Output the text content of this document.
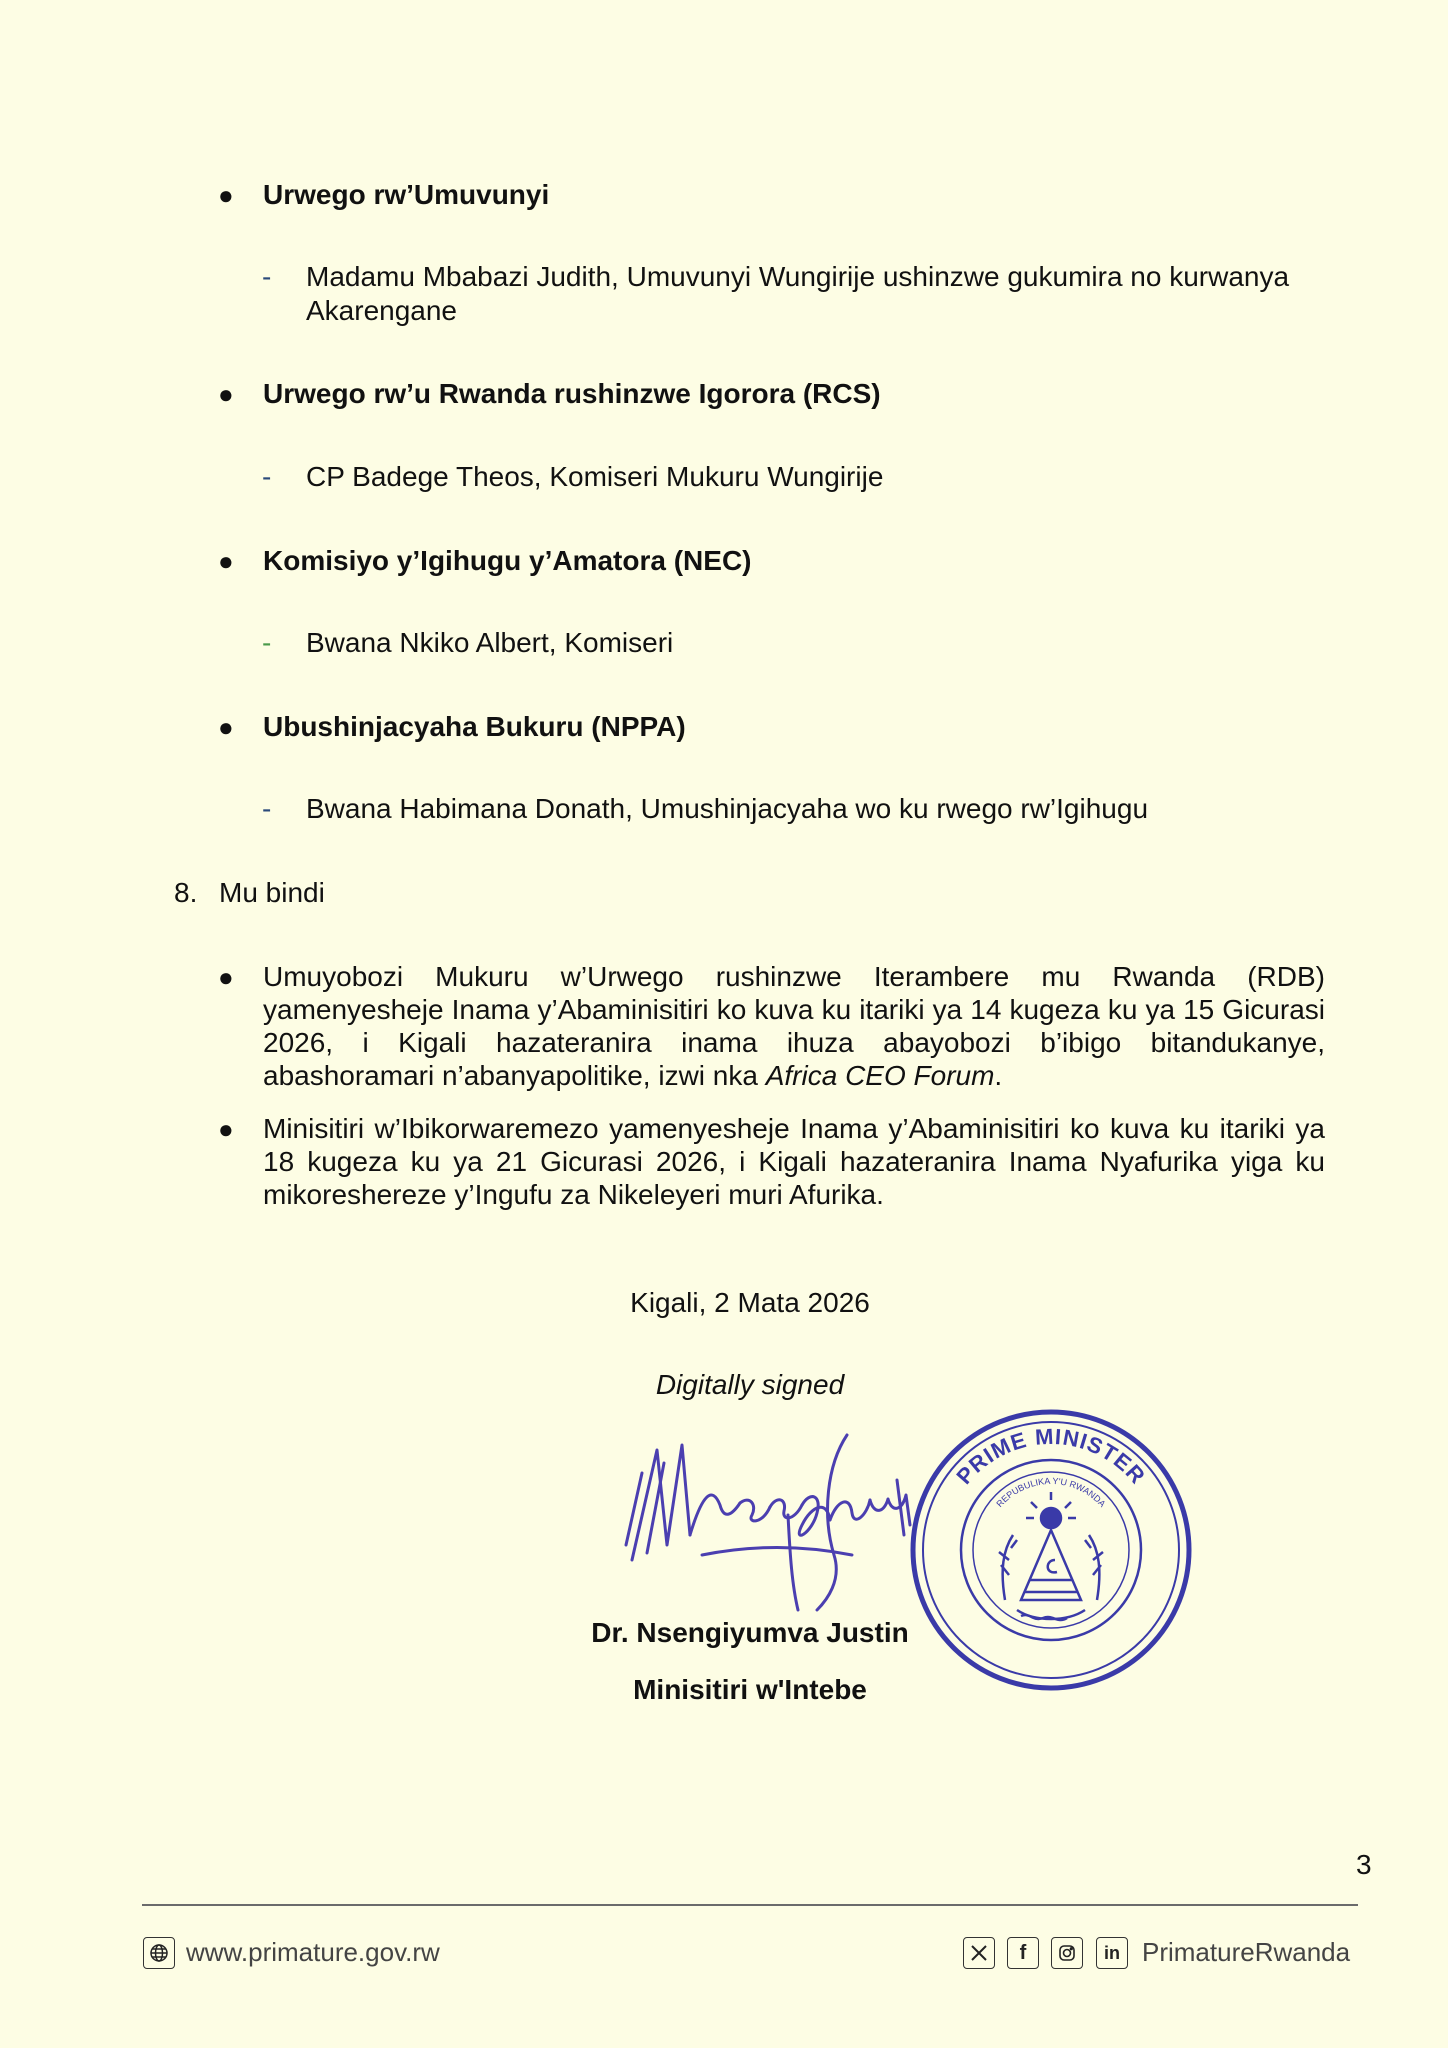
● Urwego rw’Umuvunyi
- Madamu Mbabazi Judith, Umuvunyi Wungirije ushinzwe gukumira no kurwanya Akarengane
● Urwego rw’u Rwanda rushinzwe Igorora (RCS)
- CP Badege Theos, Komiseri Mukuru Wungirije
● Komisiyo y’Igihugu y’Amatora (NEC)
- Bwana Nkiko Albert, Komiseri
● Ubushinjacyaha Bukuru (NPPA)
- Bwana Habimana Donath, Umushinjacyaha wo ku rwego rw’Igihugu
8. Mu bindi
● Umuyobozi Mukuru w’Urwego rushinzwe Iterambere mu Rwanda (RDB) yamenyesheje Inama y’Abaminisitiri ko kuva ku itariki ya 14 kugeza ku ya 15 Gicurasi 2026, i Kigali hazateranira inama ihuza abayobozi b’ibigo bitandukanye, abashoramari n’abanyapolitike, izwi nka Africa CEO Forum.
● Minisitiri w’Ibikorwaremezo yamenyesheje Inama y’Abaminisitiri ko kuva ku itariki ya 18 kugeza ku ya 21 Gicurasi 2026, i Kigali hazateranira Inama Nyafurika yiga ku mikoreshereze y’Ingufu za Nikeleyeri muri Afurika.
Kigali, 2 Mata 2026
Digitally signed
Dr. Nsengiyumva Justin
Minisitiri w'Intebe
PRIME MINISTER
REPUBULIKA Y'U RWANDA
3
www.primature.gov.rw	f	in PrimatureRwanda
